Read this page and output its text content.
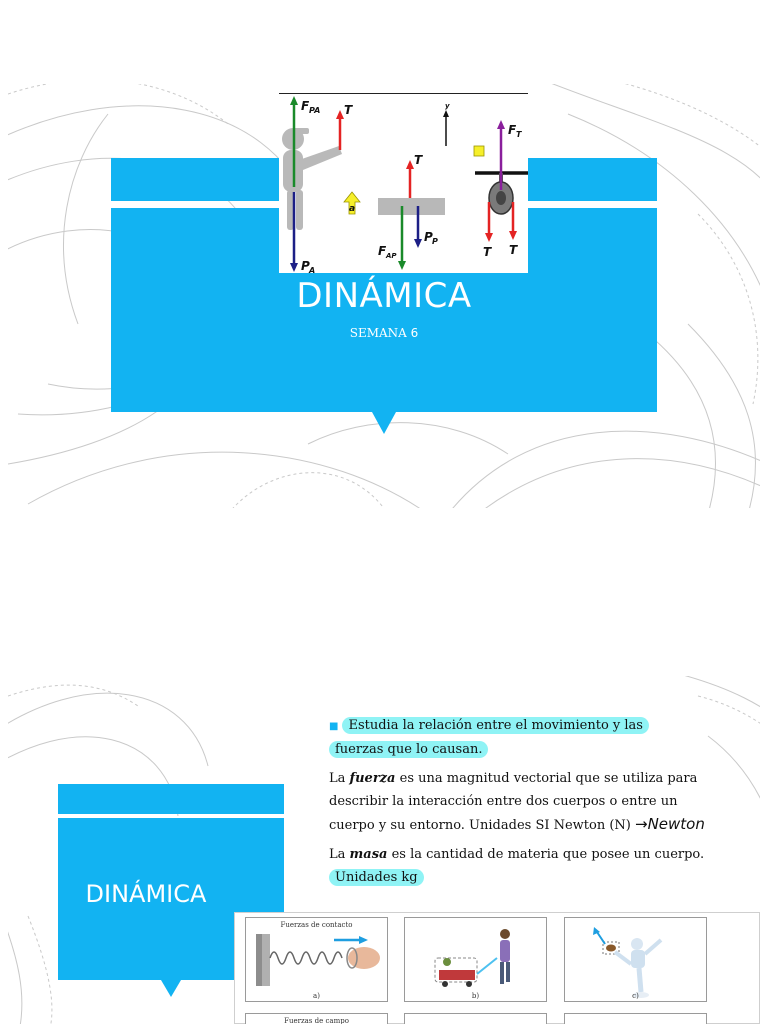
F PA T	y
F T
T
a
P A
F AP
P P
T T
DINÁMICA
SEMANA 6
DINÁMICA
■ Estudia la relación entre el movimiento y las
fuerzas que lo causan.

La fuerza es una magnitud vectorial que se utiliza para describir la interacción entre dos cuerpos o entre un cuerpo y su entorno. Unidades SI Newton (N) →Newton

La masa es la cantidad de materia que posee un cuerpo. Unidades kg

Fuerzas de contacto
a)	b)	c)
Fuerzas de campo
